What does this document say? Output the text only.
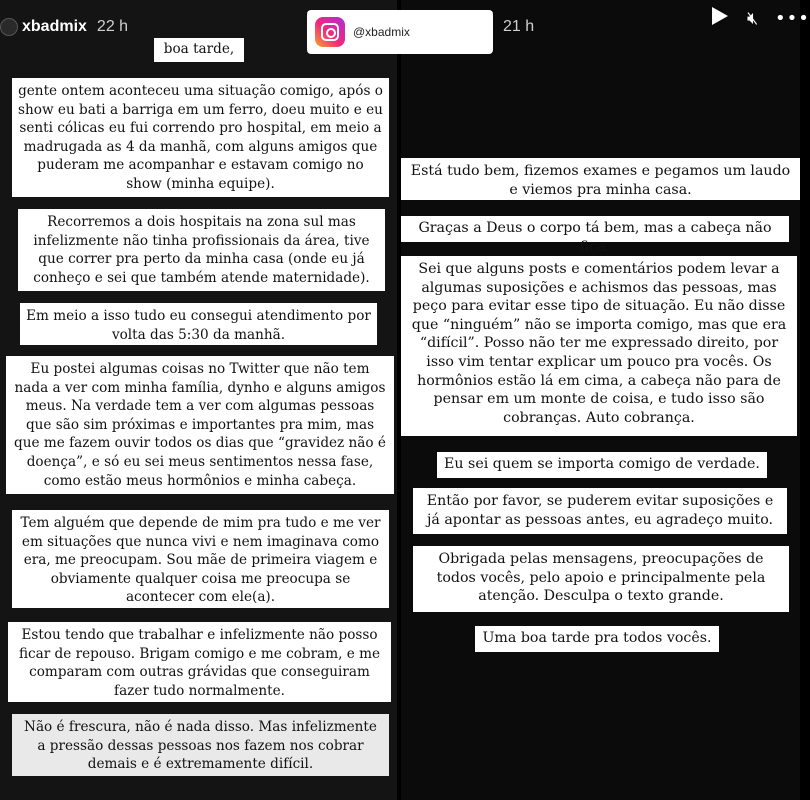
xbadmix 22 h
boa tarde,
gente ontem aconteceu uma situação comigo, após o show eu bati a barriga em um ferro, doeu muito e eu senti cólicas eu fui correndo pro hospital, em meio a madrugada as 4 da manhã, com alguns amigos que puderam me acompanhar e estavam comigo no show (minha equipe).
Recorremos a dois hospitais na zona sul mas infelizmente não tinha profissionais da área, tive que correr pra perto da minha casa (onde eu já conheço e sei que também atende maternidade).
Em meio a isso tudo eu consegui atendimento por volta das 5:30 da manhã.
Eu postei algumas coisas no Twitter que não tem nada a ver com minha família, dynho e alguns amigos meus. Na verdade tem a ver com algumas pessoas que são sim próximas e importantes pra mim, mas que me fazem ouvir todos os dias que “gravidez não é doença”, e só eu sei meus sentimentos nessa fase, como estão meus hormônios e minha cabeça.
Tem alguém que depende de mim pra tudo e me ver em situações que nunca vivi e nem imaginava como era, me preocupam. Sou mãe de primeira viagem e obviamente qualquer coisa me preocupa se acontecer com ele(a).
Estou tendo que trabalhar e infelizmente não posso ficar de repouso. Brigam comigo e me cobram, e me comparam com outras grávidas que conseguiram fazer tudo normalmente.
Não é frescura, não é nada disso. Mas infelizmente a pressão dessas pessoas nos fazem nos cobrar demais e é extremamente difícil.
21 h	🔇︎ •••
Está tudo bem, fizemos exames e pegamos um laudo e viemos pra minha casa.
Graças a Deus o corpo tá bem, mas a cabeça não fica.
Sei que alguns posts e comentários podem levar a algumas suposições e achismos das pessoas, mas peço para evitar esse tipo de situação. Eu não disse que “ninguém” não se importa comigo, mas que era “difícil”. Posso não ter me expressado direito, por isso vim tentar explicar um pouco pra vocês. Os hormônios estão lá em cima, a cabeça não para de pensar em um monte de coisa, e tudo isso são cobranças. Auto cobrança.
Eu sei quem se importa comigo de verdade.
Então por favor, se puderem evitar suposições e já apontar as pessoas antes, eu agradeço muito.
Obrigada pelas mensagens, preocupações de todos vocês, pelo apoio e principalmente pela atenção. Desculpa o texto grande.
Uma boa tarde pra todos vocês.
@xbadmix
